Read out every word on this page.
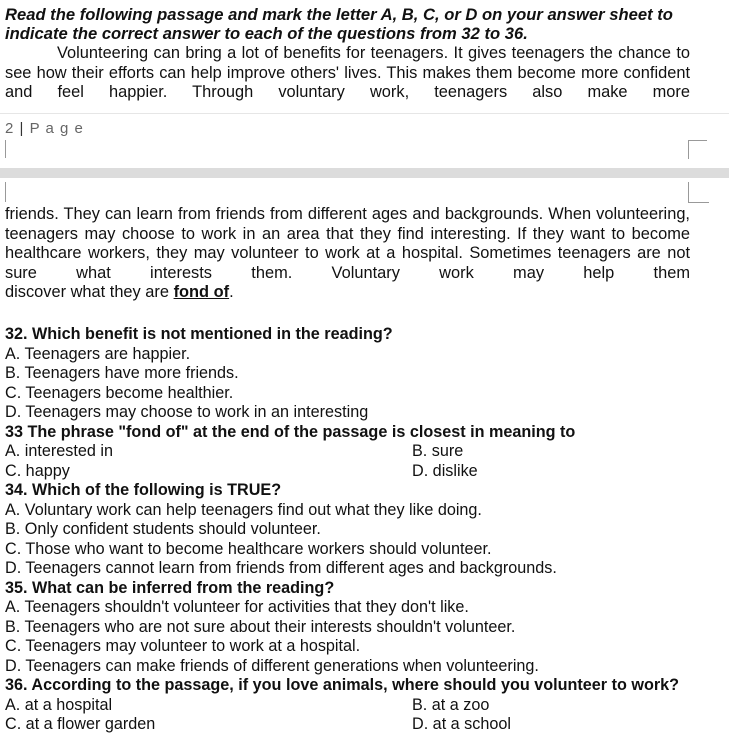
Read the following passage and mark the letter A, B, C, or D on your answer sheet to indicate the correct answer to each of the questions from 32 to 36.
Volunteering can bring a lot of benefits for teenagers. It gives teenagers the chance to see how their efforts can help improve others' lives. This makes them become more confident and feel happier. Through voluntary work, teenagers also make more
2 | P a g e
friends. They can learn from friends from different ages and backgrounds. When volunteering, teenagers may choose to work in an area that they find interesting. If they want to become healthcare workers, they may volunteer to work at a hospital. Sometimes teenagers are not sure what interests them. Voluntary work may help them
discover what they are fond of.
32. Which benefit is not mentioned in the reading?
A. Teenagers are happier.
B. Teenagers have more friends.
C. Teenagers become healthier.
D. Teenagers may choose to work in an interesting
33 The phrase "fond of" at the end of the passage is closest in meaning to
A. interested in	B. sure
C. happy	D. dislike
34. Which of the following is TRUE?
A. Voluntary work can help teenagers find out what they like doing.
B. Only confident students should volunteer.
C. Those who want to become healthcare workers should volunteer.
D. Teenagers cannot learn from friends from different ages and backgrounds.
35. What can be inferred from the reading?
A. Teenagers shouldn't volunteer for activities that they don't like.
B. Teenagers who are not sure about their interests shouldn't volunteer.
C. Teenagers may volunteer to work at a hospital.
D. Teenagers can make friends of different generations when volunteering.
36. According to the passage, if you love animals, where should you volunteer to work?
A. at a hospital	B. at a zoo
C. at a flower garden	D. at a school
